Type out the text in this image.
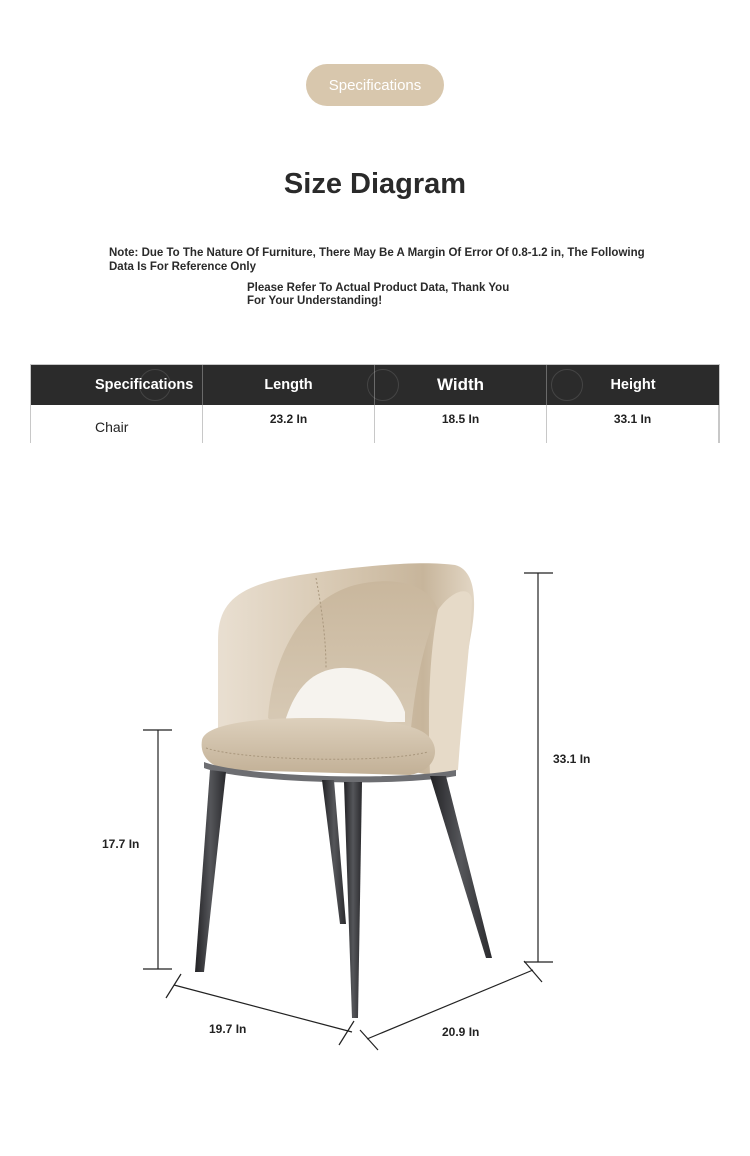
Specifications
Size Diagram

Note: Due To The Nature Of Furniture, There May Be A Margin Of Error Of 0.8-1.2 in, The Following Data Is For Reference Only

Please Refer To Actual Product Data, Thank You For Your Understanding!

Specifications	Length	Width	Height
Chair	23.2 In	18.5 In	33.1 In
33.1 In
17.7 In
19.7 In	20.9 In
